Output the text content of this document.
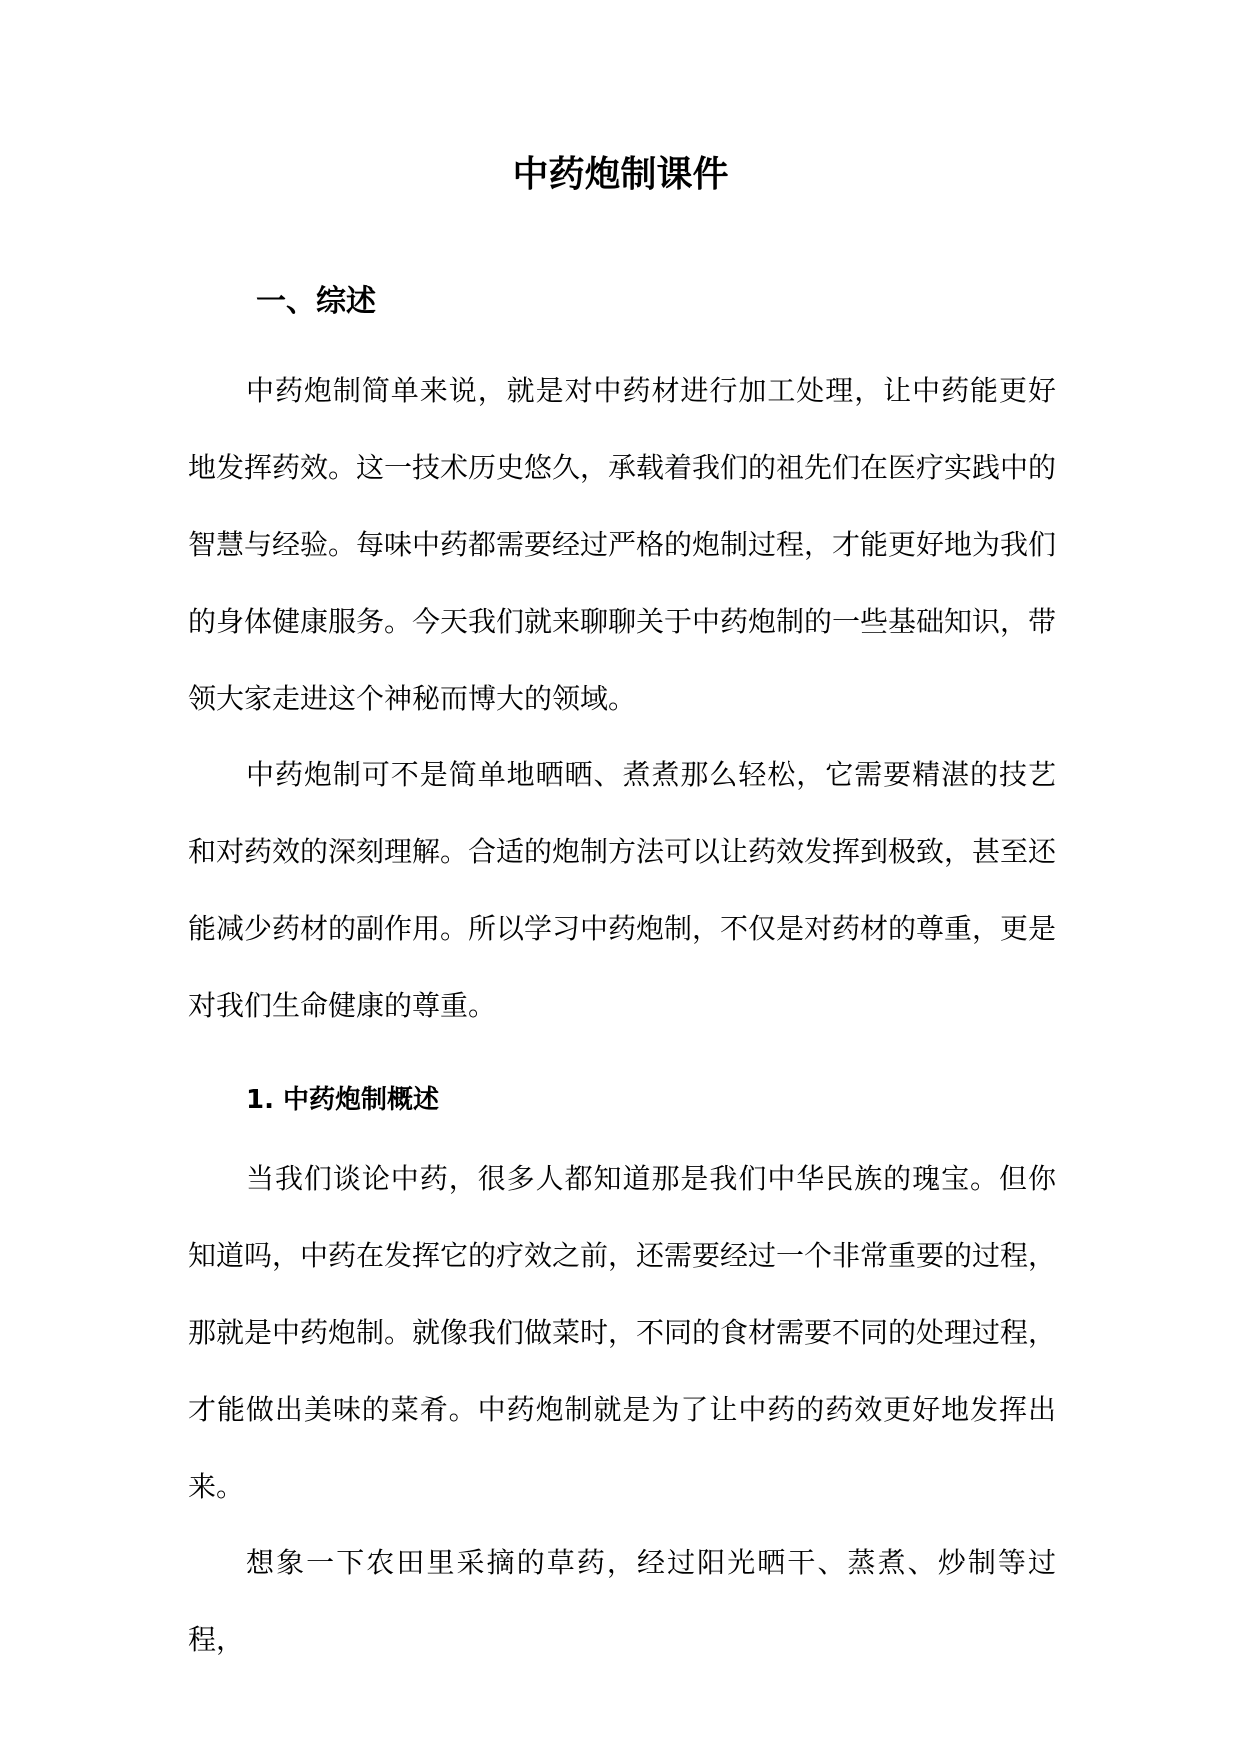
中药炮制课件
一、综述

中药炮制简单来说，就是对中药材进行加工处理，让中药能更好地发挥药效。这一技术历史悠久，承载着我们的祖先们在医疗实践中的智慧与经验。每味中药都需要经过严格的炮制过程，才能更好地为我们的身体健康服务。今天我们就来聊聊关于中药炮制的一些基础知识，带领大家走进这个神秘而博大的领域。

中药炮制可不是简单地晒晒、煮煮那么轻松，它需要精湛的技艺和对药效的深刻理解。合适的炮制方法可以让药效发挥到极致，甚至还能减少药材的副作用。所以学习中药炮制，不仅是对药材的尊重，更是对我们生命健康的尊重。

1. 中药炮制概述

当我们谈论中药，很多人都知道那是我们中华民族的瑰宝。但你知道吗，中药在发挥它的疗效之前，还需要经过一个非常重要的过程，那就是中药炮制。就像我们做菜时，不同的食材需要不同的处理过程，才能做出美味的菜肴。中药炮制就是为了让中药的药效更好地发挥出来。

想象一下农田里采摘的草药，经过阳光晒干、蒸煮、炒制等过程，
